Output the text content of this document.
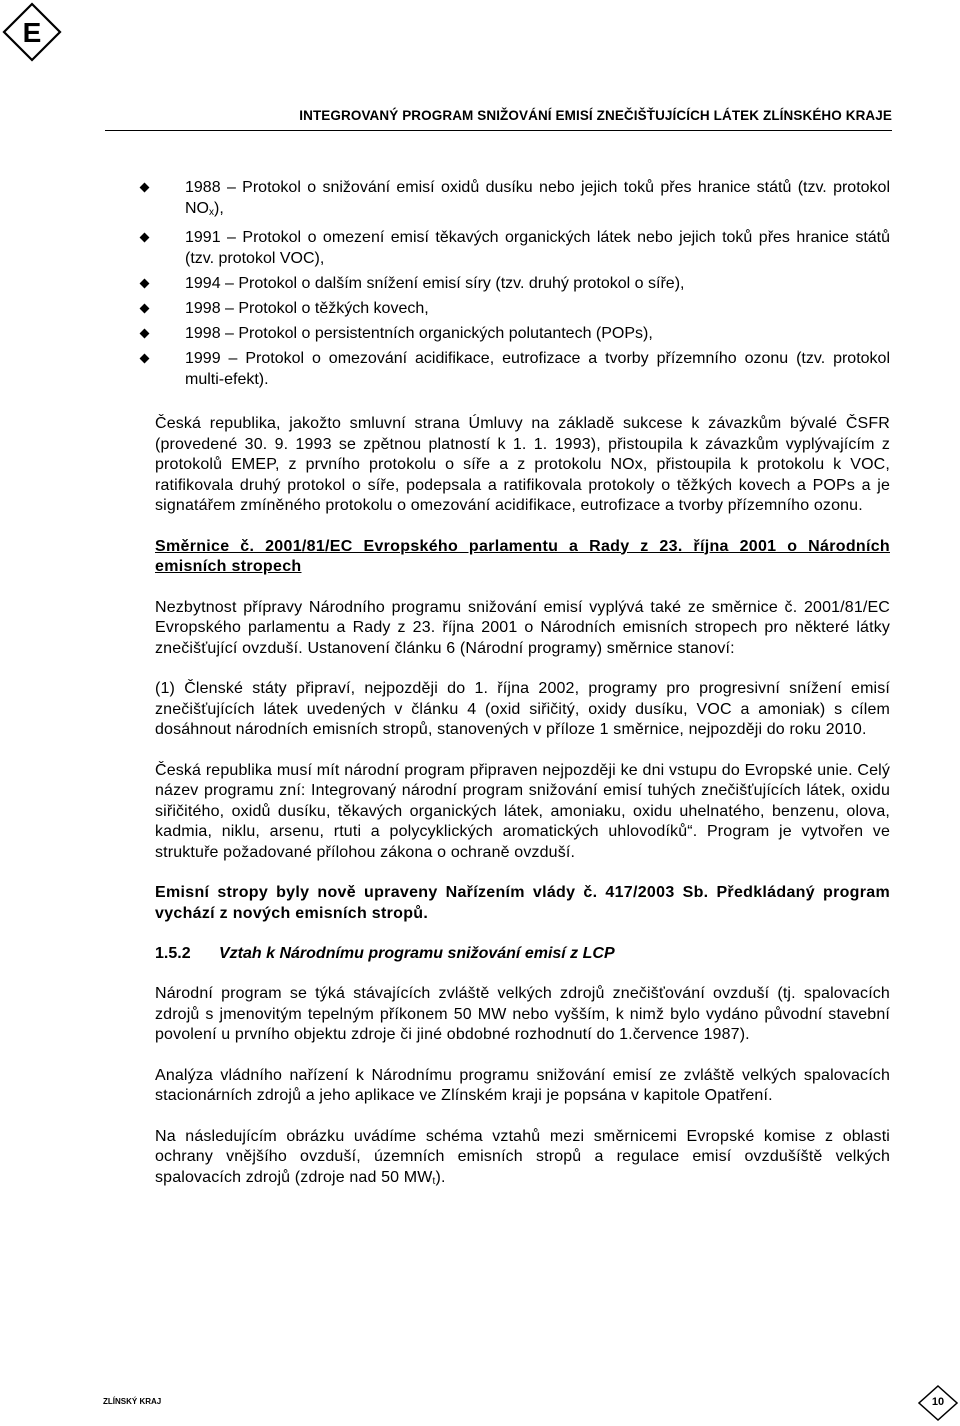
E
INTEGROVANÝ PROGRAM SNIŽOVÁNÍ EMISÍ ZNEČIŠŤUJÍCÍCH LÁTEK ZLÍNSKÉHO KRAJE
1988 – Protokol o snižování emisí oxidů dusíku nebo jejich toků přes hranice států (tzv. protokol $NO_x$),
1991 – Protokol o omezení emisí těkavých organických látek nebo jejich toků přes hranice států (tzv. protokol VOC),
1994 – Protokol o dalším snížení emisí síry (tzv. druhý protokol o síře),
1998 – Protokol o těžkých kovech,
1998 – Protokol o persistentních organických polutantech (POPs),
1999 – Protokol o omezování acidifikace, eutrofizace a tvorby přízemního ozonu (tzv. protokol multi-efekt).

Česká republika, jakožto smluvní strana Úmluvy na základě sukcese k závazkům bývalé ČSFR (provedené 30. 9. 1993 se zpětnou platností k 1. 1. 1993), přistoupila k závazkům vyplývajícím z protokolů EMEP, z prvního protokolu o síře a z protokolu NOx, přistoupila k protokolu k VOC, ratifikovala druhý protokol o síře, podepsala a ratifikovala protokoly o těžkých kovech a POPs a je signatářem zmíněného protokolu o omezování acidifikace, eutrofizace a tvorby přízemního ozonu.

Směrnice č. 2001/81/EC Evropského parlamentu a Rady z 23. října 2001 o Národních emisních stropech

Nezbytnost přípravy Národního programu snižování emisí vyplývá také ze směrnice č. 2001/81/EC Evropského parlamentu a Rady z 23. října 2001 o Národních emisních stropech pro některé látky znečišťující ovzduší. Ustanovení článku 6 (Národní programy) směrnice stanoví:

(1) Členské státy připraví, nejpozději do 1. října 2002, programy pro progresivní snížení emisí znečišťujících látek uvedených v článku 4 (oxid siřičitý, oxidy dusíku, VOC a amoniak) s cílem dosáhnout národních emisních stropů, stanovených v příloze 1 směrnice, nejpozději do roku 2010.

Česká republika musí mít národní program připraven nejpozději ke dni vstupu do Evropské unie. Celý název programu zní: Integrovaný národní program snižování emisí tuhých znečišťujících látek, oxidu siřičitého, oxidů dusíku, těkavých organických látek, amoniaku, oxidu uhelnatého, benzenu, olova, kadmia, niklu, arsenu, rtuti a polycyklických aromatických uhlovodíků“. Program je vytvořen ve struktuře požadované přílohou zákona o ochraně ovzduší.

Emisní stropy byly nově upraveny Nařízením vlády č. 417/2003 Sb. Předkládaný program vychází z nových emisních stropů.

1.5.2 Vztah k Národnímu programu snižování emisí z LCP

Národní program se týká stávajících zvláště velkých zdrojů znečišťování ovzduší (tj. spalovacích zdrojů s jmenovitým tepelným příkonem 50 MW nebo vyšším, k nimž bylo vydáno původní stavební povolení u prvního objektu zdroje či jiné obdobné rozhodnutí do 1.července 1987).

Analýza vládního nařízení k Národnímu programu snižování emisí ze zvláště velkých spalovacích stacionárních zdrojů a jeho aplikace ve Zlínském kraji je popsána v kapitole Opatření.

Na následujícím obrázku uvádíme schéma vztahů mezi směrnicemi Evropské komise z oblasti ochrany vnějšího ovzduší, územních emisních stropů a regulace emisí ovzdušíště velkých spalovacích zdrojů (zdroje nad 50 $MW_t$).

ZLÍNSKÝ KRAJ	10
